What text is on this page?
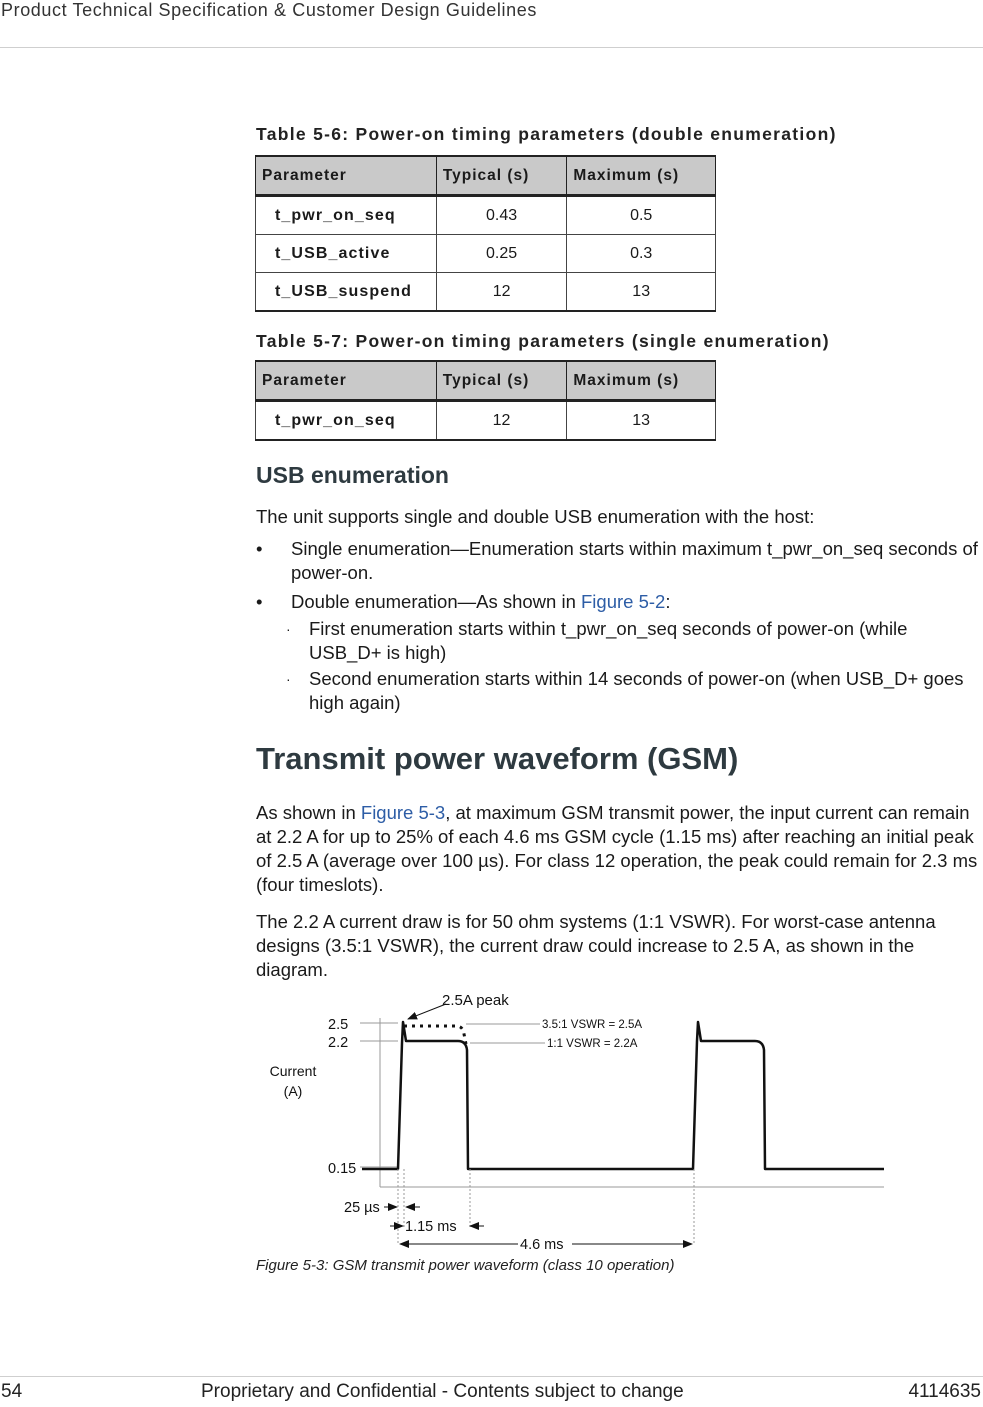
Product Technical Specification & Customer Design Guidelines
Table 5-6: Power-on timing parameters (double enumeration)
Parameter	Typical (s)	Maximum (s)
t_pwr_on_seq	0.43	0.5
t_USB_active	0.25	0.3
t_USB_suspend	12	13
Table 5-7: Power-on timing parameters (single enumeration)
Parameter	Typical (s)	Maximum (s)
t_pwr_on_seq	12	13
USB enumeration
The unit supports single and double USB enumeration with the host:
• Single enumeration—Enumeration starts within maximum t_pwr_on_seq seconds of power-on.
• Double enumeration—As shown in Figure 5-2:
· First enumeration starts within t_pwr_on_seq seconds of power-on (while USB_D+ is high)
· Second enumeration starts within 14 seconds of power-on (when USB_D+ goes high again)
Transmit power waveform (GSM)
As shown in Figure 5-3, at maximum GSM transmit power, the input current can remain at 2.2 A for up to 25% of each 4.6 ms GSM cycle (1.15 ms) after reaching an initial peak of 2.5 A (average over 100 µs). For class 12 operation, the peak could remain for 2.3 ms (four timeslots).
The 2.2 A current draw is for 50 ohm systems (1:1 VSWR). For worst-case antenna designs (3.5:1 VSWR), the current draw could increase to 2.5 A, as shown in the diagram.
2.5A peak
2.5
2.2
0.15
Current
(A)
3.5:1 VSWR = 2.5A
1:1 VSWR = 2.2A
25 µs
1.15 ms
4.6 ms
Figure 5-3: GSM transmit power waveform (class 10 operation)
54	Proprietary and Confidential - Contents subject to change	4114635
